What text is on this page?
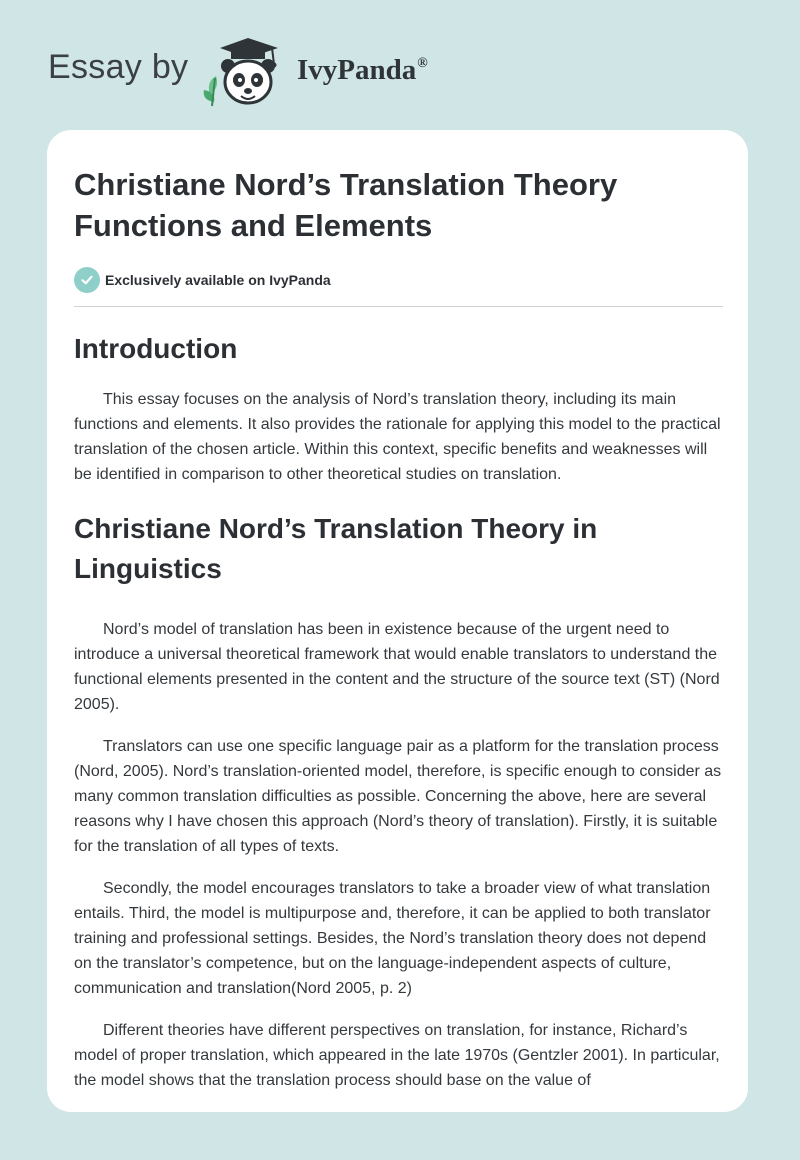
Essay by	IvyPanda®
Christiane Nord’s Translation Theory Functions and Elements
Exclusively available on IvyPanda
Introduction

This essay focuses on the analysis of Nord’s translation theory, including its main functions and elements. It also provides the rationale for applying this model to the practical translation of the chosen article. Within this context, specific benefits and weaknesses will be identified in comparison to other theoretical studies on translation.

Christiane Nord’s Translation Theory in Linguistics

Nord’s model of translation has been in existence because of the urgent need to introduce a universal theoretical framework that would enable translators to understand the functional elements presented in the content and the structure of the source text (ST) (Nord 2005).

Translators can use one specific language pair as a platform for the translation process (Nord, 2005). Nord’s translation-oriented model, therefore, is specific enough to consider as many common translation difficulties as possible. Concerning the above, here are several reasons why I have chosen this approach (Nord’s theory of translation). Firstly, it is suitable for the translation of all types of texts.

Secondly, the model encourages translators to take a broader view of what translation entails. Third, the model is multipurpose and, therefore, it can be applied to both translator training and professional settings. Besides, the Nord’s translation theory does not depend on the translator’s competence, but on the language-independent aspects of culture, communication and translation(Nord 2005, p. 2)

Different theories have different perspectives on translation, for instance, Richard’s model of proper translation, which appeared in the late 1970s (Gentzler 2001). In particular, the model shows that the translation process should base on the value of
